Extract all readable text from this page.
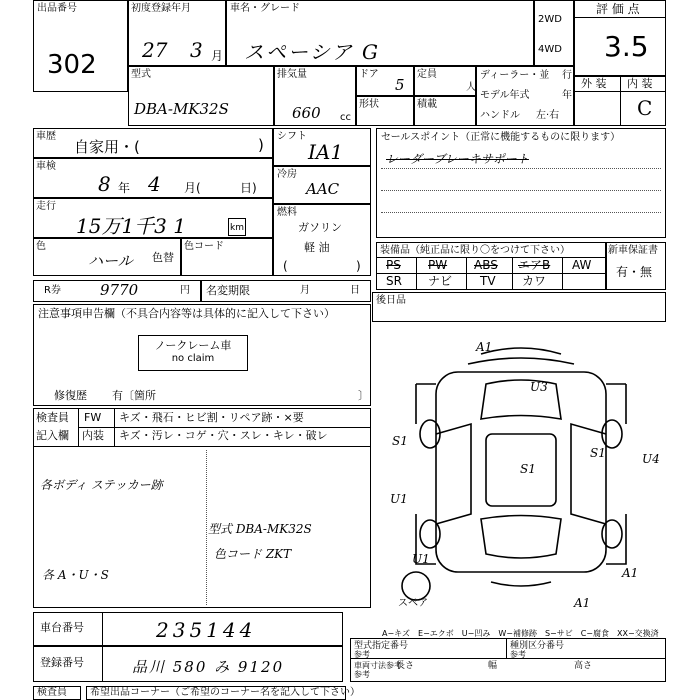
出品番号
302
初度登録年月
27 3 月
車名・グレード
スペーシア G
2WD
4WD
評 価 点
3.5
型式
DBA-MK32S
排気量
660 cc
ドア
5
定員
人
形状	積載
ディーラー・並 行
モデル年式	年
ハンドル 左·右
外 装 内 装
C
車歴
自家用・(	)
車検
8 年 4 月(	日)
走行
15万1千3 1	km
色
ハール 色替
色コード
シフト
IA1
冷房
AAC
燃料
ガソリン
軽 油
(	)
R券	9770	円 名変期限	月	日
セールスポイント（正常に機能するものに限ります）
レーダーブレーキサポート
装備品（純正品に限り〇をつけて下さい）
PS PW ABS エアB AW
SR ナビ TV カワ
新車保証書
有・無
後日品
注意事項申告欄（不具合内容等は具体的に記入して下さい）
ノークレーム車
no claim
修復歴 有〔箇所	〕
検査員
記入欄
FW キズ・飛石・ヒビ割・リペア跡・×要
内装 キズ・汚レ・コゲ・穴・スレ・キレ・破レ
各ボディ ステッカー跡
型式 DBA-MK32S
色コード ZKT
各 A・U・S
A1
U3
S1
S1	U4
S1
U1
U1
A1
A1
スペア
車台番号	235144
登録番号	品川 580 み 9120
A−キズ　E−エクボ　U−凹み　W−補修跡　S−サビ　C−腐食　XX−交換済
型式指定番号
参考
種別区分番号
参考
車両寸法参考
参考
長さ	幅	高さ
検査員 希望出品コーナー（ご希望のコーナー名を記入して下さい）
